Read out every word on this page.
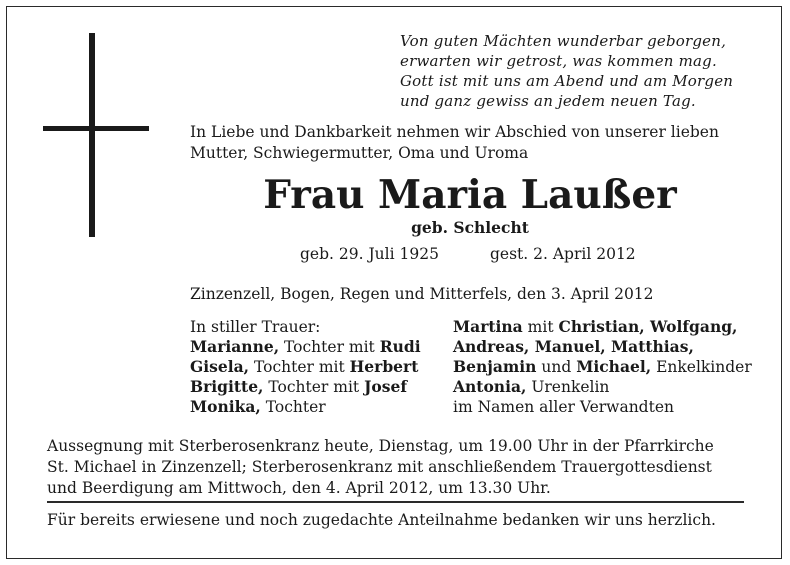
Von guten Mächten wunderbar geborgen,
erwarten wir getrost, was kommen mag.
Gott ist mit uns am Abend und am Morgen
und ganz gewiss an jedem neuen Tag.
In Liebe und Dankbarkeit nehmen wir Abschied von unserer lieben
Mutter, Schwiegermutter, Oma und Uroma
Frau Maria Laußer
geb. Schlecht
geb. 29. Juli 1925	gest. 2. April 2012
Zinzenzell, Bogen, Regen und Mitterfels, den 3. April 2012
In stiller Trauer:
Marianne, Tochter mit Rudi
Gisela, Tochter mit Herbert
Brigitte, Tochter mit Josef
Monika, Tochter
Martina mit Christian, Wolfgang,
Andreas, Manuel, Matthias,
Benjamin und Michael, Enkelkinder
Antonia, Urenkelin
im Namen aller Verwandten
Aussegnung mit Sterberosenkranz heute, Dienstag, um 19.00 Uhr in der Pfarrkirche
St. Michael in Zinzenzell; Sterberosenkranz mit anschließendem Trauergottesdienst
und Beerdigung am Mittwoch, den 4. April 2012, um 13.30 Uhr.
Für bereits erwiesene und noch zugedachte Anteilnahme bedanken wir uns herzlich.
